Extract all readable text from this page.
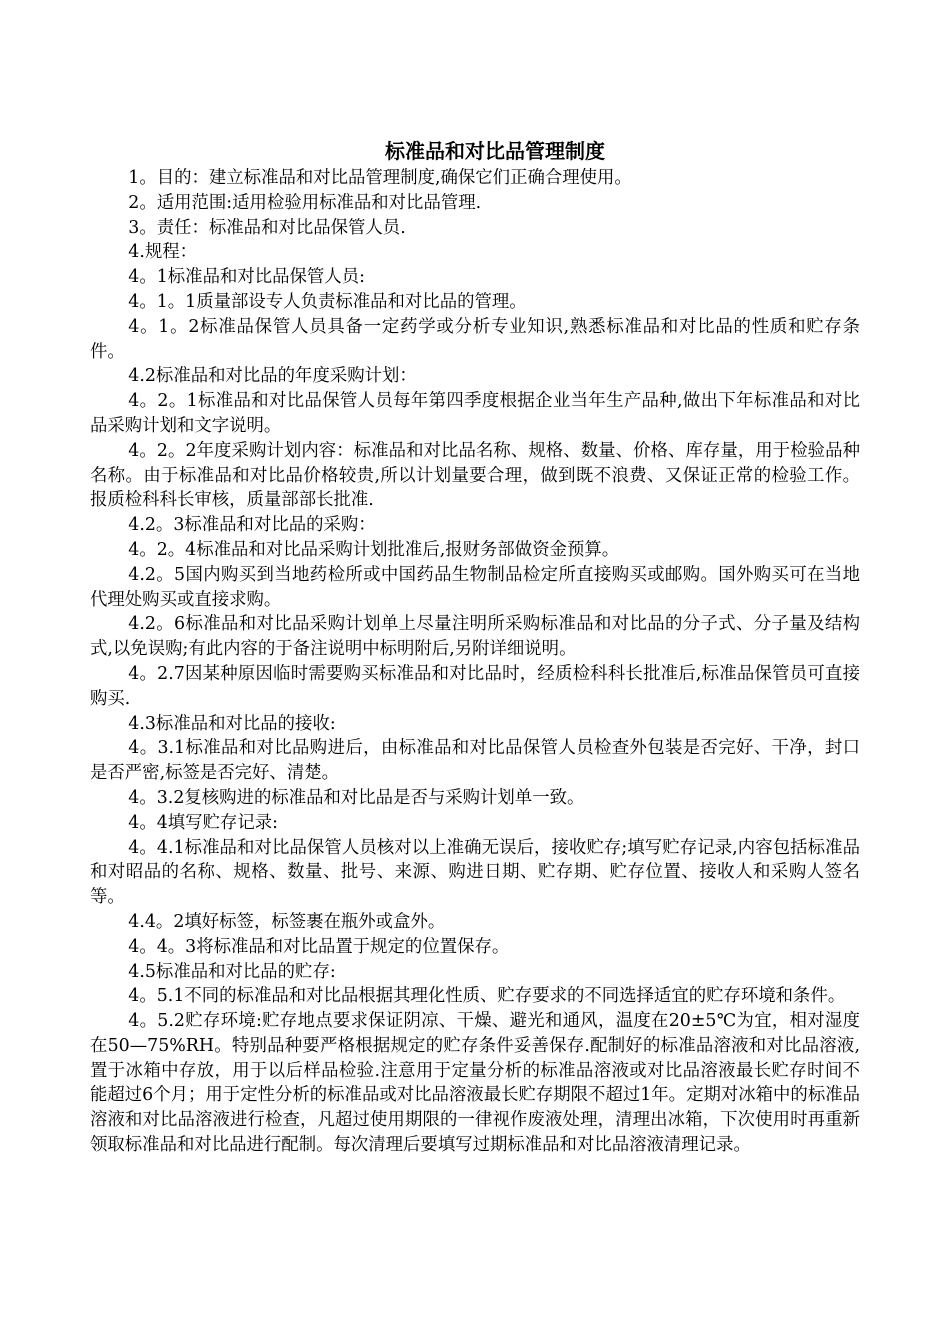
标准品和对比品管理制度

1。目的：建立标准品和对比品管理制度,确保它们正确合理使用。

2。适用范围:适用检验用标准品和对比品管理.

3。责任：标准品和对比品保管人员.

4.规程：

4。1标准品和对比品保管人员:

4。1。1质量部设专人负责标准品和对比品的管理。

4。1。2标准品保管人员具备一定药学或分析专业知识,熟悉标准品和对比品的性质和贮存条件。

4.2标准品和对比品的年度采购计划：

4。2。1标准品和对比品保管人员每年第四季度根据企业当年生产品种,做出下年标准品和对比品采购计划和文字说明。

4。2。2年度采购计划内容：标准品和对比品名称、规格、数量、价格、库存量，用于检验品种名称。由于标准品和对比品价格较贵,所以计划量要合理，做到既不浪费、又保证正常的检验工作。报质检科科长审核，质量部部长批准.

4.2。3标准品和对比品的采购：

4。2。4标准品和对比品采购计划批准后,报财务部做资金预算。

4.2。5国内购买到当地药检所或中国药品生物制品检定所直接购买或邮购。国外购买可在当地代理处购买或直接求购。

4.2。6标准品和对比品采购计划单上尽量注明所采购标准品和对比品的分子式、分子量及结构式,以免误购;有此内容的于备注说明中标明附后,另附详细说明。

4。2.7因某种原因临时需要购买标准品和对比品时，经质检科科长批准后,标准品保管员可直接购买.

4.3标准品和对比品的接收:

4。3.1标准品和对比品购进后，由标准品和对比品保管人员检查外包装是否完好、干净，封口是否严密,标签是否完好、清楚。

4。3.2复核购进的标准品和对比品是否与采购计划单一致。

4。4填写贮存记录:

4。4.1标准品和对比品保管人员核对以上准确无误后，接收贮存;填写贮存记录,内容包括标准品和对昭品的名称、规格、数量、批号、来源、购进日期、贮存期、贮存位置、接收人和采购人签名等。

4.4。2填好标签，标签裹在瓶外或盒外。

4。4。3将标准品和对比品置于规定的位置保存。

4.5标准品和对比品的贮存:

4。5.1不同的标准品和对比品根据其理化性质、贮存要求的不同选择适宜的贮存环境和条件。

4。5.2贮存环境:贮存地点要求保证阴凉、干燥、避光和通风，温度在20±5℃为宜，相对湿度在50—75%RH。特别品种要严格根据规定的贮存条件妥善保存.配制好的标准品溶液和对比品溶液,置于冰箱中存放，用于以后样品检验.注意用于定量分析的标准品溶液或对比品溶液最长贮存时间不能超过6个月；用于定性分析的标准品或对比品溶液最长贮存期限不超过1年。定期对冰箱中的标准品溶液和对比品溶液进行检查，凡超过使用期限的一律视作废液处理，清理出冰箱，下次使用时再重新领取标准品和对比品进行配制。每次清理后要填写过期标准品和对比品溶液清理记录。
